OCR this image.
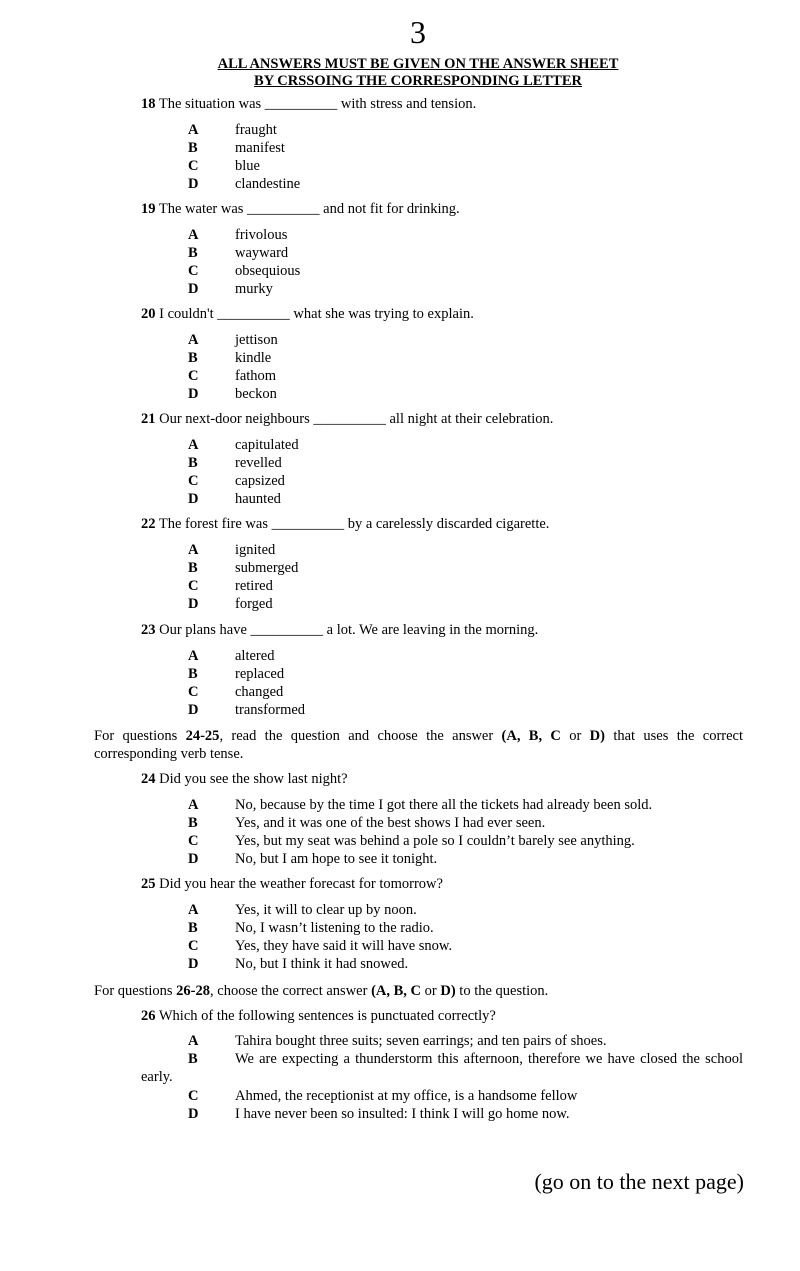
3
ALL ANSWERS MUST BE GIVEN ON THE ANSWER SHEET
BY CRSSOING THE CORRESPONDING LETTER
18 The situation was __________ with stress and tension.
A	fraught
B	manifest
C	blue
D	clandestine
19 The water was __________ and not fit for drinking.
A	frivolous
B	wayward
C	obsequious
D	murky
20 I couldn't __________ what she was trying to explain.
A	jettison
B	kindle
C	fathom
D	beckon
21 Our next-door neighbours __________ all night at their celebration.
A	capitulated
B	revelled
C	capsized
D	haunted
22 The forest fire was __________ by a carelessly discarded cigarette.
A	ignited
B	submerged
C	retired
D	forged
23 Our plans have __________ a lot. We are leaving in the morning.
A	altered
B	replaced
C	changed
D	transformed
For questions 24-25, read the question and choose the answer (A, B, C or D) that uses the correct corresponding verb tense.
24 Did you see the show last night?
A	No, because by the time I got there all the tickets had already been sold.
B	Yes, and it was one of the best shows I had ever seen.
C	Yes, but my seat was behind a pole so I couldn’t barely see anything.
D	No, but I am hope to see it tonight.
25 Did you hear the weather forecast for tomorrow?
A	Yes, it will to clear up by noon.
B	No, I wasn’t listening to the radio.
C	Yes, they have said it will have snow.
D	No, but I think it had snowed.
For questions 26-28, choose the correct answer (A, B, C or D) to the question.
26 Which of the following sentences is punctuated correctly?
A	Tahira bought three suits; seven earrings; and ten pairs of shoes.
B	We are expecting a thunderstorm this afternoon, therefore we have closed the school early.
C	Ahmed, the receptionist at my office, is a handsome fellow
D	I have never been so insulted: I think I will go home now.
(go on to the next page)
